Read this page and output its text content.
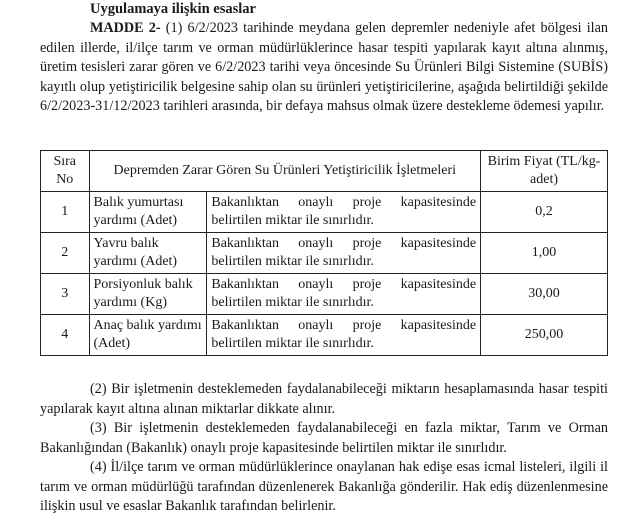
Uygulamaya ilişkin esaslar
MADDE 2- (1) 6/2/2023 tarihinde meydana gelen depremler nedeniyle afet bölgesi ilan edilen illerde, il/ilçe tarım ve orman müdürlüklerince hasar tespiti yapılarak kayıt altına alınmış, üretim tesisleri zarar gören ve 6/2/2023 tarihi veya öncesinde Su Ürünleri Bilgi Sistemine (SUBİS) kayıtlı olup yetiştiricilik belgesine sahip olan su ürünleri yetiştiricilerine, aşağıda belirtildiği şekilde 6/2/2023-31/12/2023 tarihleri arasında, bir defaya mahsus olmak üzere destekleme ödemesi yapılır.
Sıra No	Depremden Zarar Gören Su Ürünleri Yetiştiricilik İşletmeleri		Birim Fiyat (TL/kg-adet)
1	Balık yumurtası yardımı (Adet)	Bakanlıktan onaylı proje kapasitesinde
belirtilen miktar ile sınırlıdır.	0,2
2	Yavru balık yardımı (Adet)	Bakanlıktan onaylı proje kapasitesinde
belirtilen miktar ile sınırlıdır.	1,00
3	Porsiyonluk balık yardımı (Kg)	Bakanlıktan onaylı proje kapasitesinde
belirtilen miktar ile sınırlıdır.	30,00
4	Anaç balık yardımı (Adet)	Bakanlıktan onaylı proje kapasitesinde
belirtilen miktar ile sınırlıdır.	250,00
(2) Bir işletmenin desteklemeden faydalanabileceği miktarın hesaplamasında hasar tespiti yapılarak kayıt altına alınan miktarlar dikkate alınır.
(3) Bir işletmenin desteklemeden faydalanabileceği en fazla miktar, Tarım ve Orman Bakanlığından (Bakanlık) onaylı proje kapasitesinde belirtilen miktar ile sınırlıdır.
(4) İl/ilçe tarım ve orman müdürlüklerince onaylanan hak edişe esas icmal listeleri, ilgili il tarım ve orman müdürlüğü tarafından düzenlenerek Bakanlığa gönderilir. Hak ediş düzenlenmesine ilişkin usul ve esaslar Bakanlık tarafından belirlenir.
